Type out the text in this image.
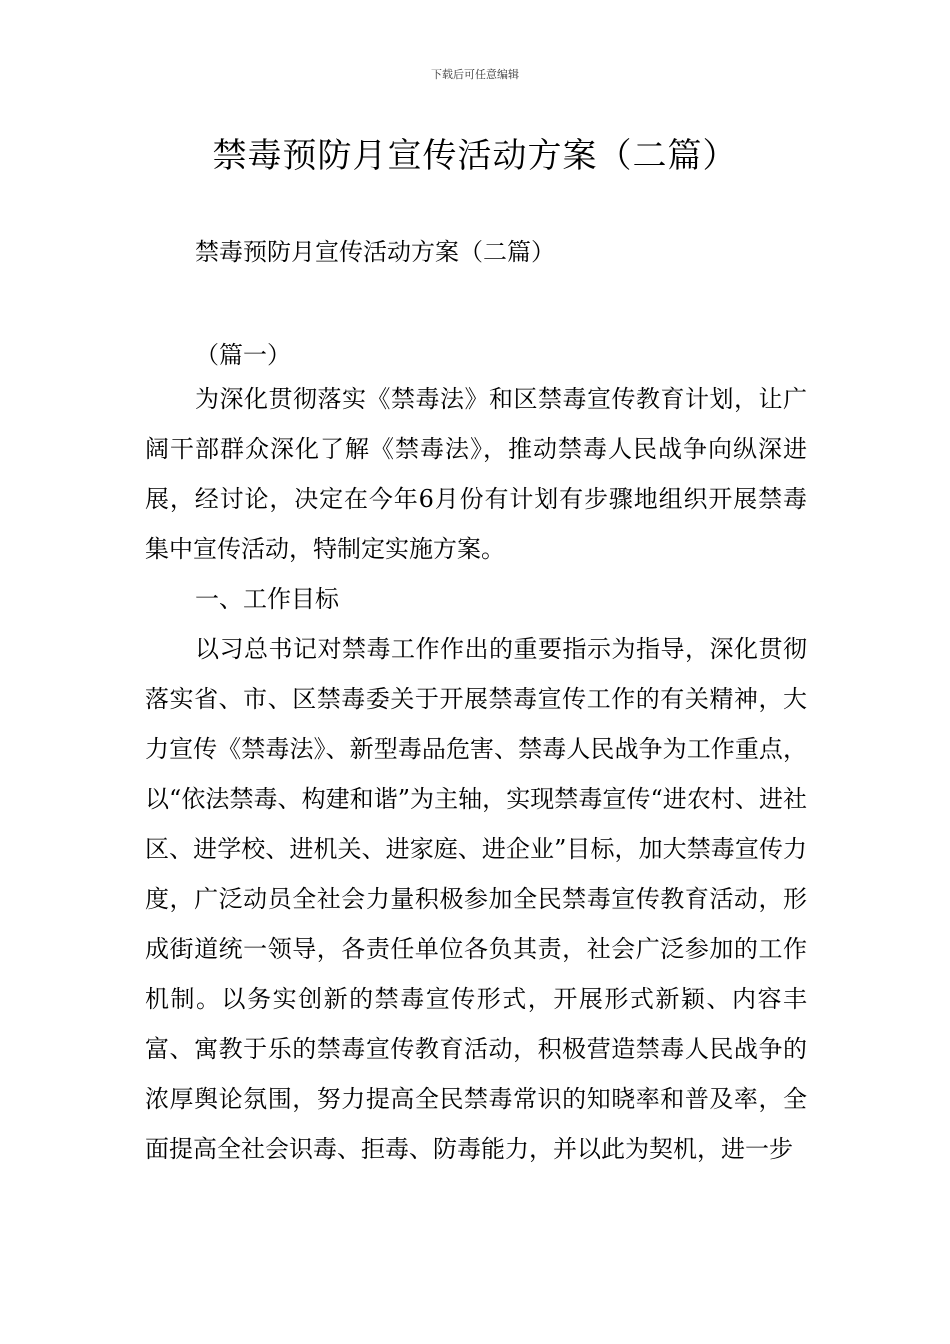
下载后可任意编辑
禁毒预防月宣传活动方案（二篇）
禁毒预防月宣传活动方案（二篇）
（篇一）

为深化贯彻落实《禁毒法》和区禁毒宣传教育计划，让广阔干部群众深化了解《禁毒法》，推动禁毒人民战争向纵深进展，经讨论，决定在今年6月份有计划有步骤地组织开展禁毒集中宣传活动，特制定实施方案。

一、工作目标

以习总书记对禁毒工作作出的重要指示为指导，深化贯彻落实省、市、区禁毒委关于开展禁毒宣传工作的有关精神，大力宣传《禁毒法》、新型毒品危害、禁毒人民战争为工作重点，以“依法禁毒、构建和谐”为主轴，实现禁毒宣传“进农村、进社区、进学校、进机关、进家庭、进企业”目标，加大禁毒宣传力度，广泛动员全社会力量积极参加全民禁毒宣传教育活动，形成街道统一领导，各责任单位各负其责，社会广泛参加的工作机制。以务实创新的禁毒宣传形式，开展形式新颖、内容丰富、寓教于乐的禁毒宣传教育活动，积极营造禁毒人民战争的浓厚舆论氛围，努力提高全民禁毒常识的知晓率和普及率，全面提高全社会识毒、拒毒、防毒能力，并以此为契机，进一步
